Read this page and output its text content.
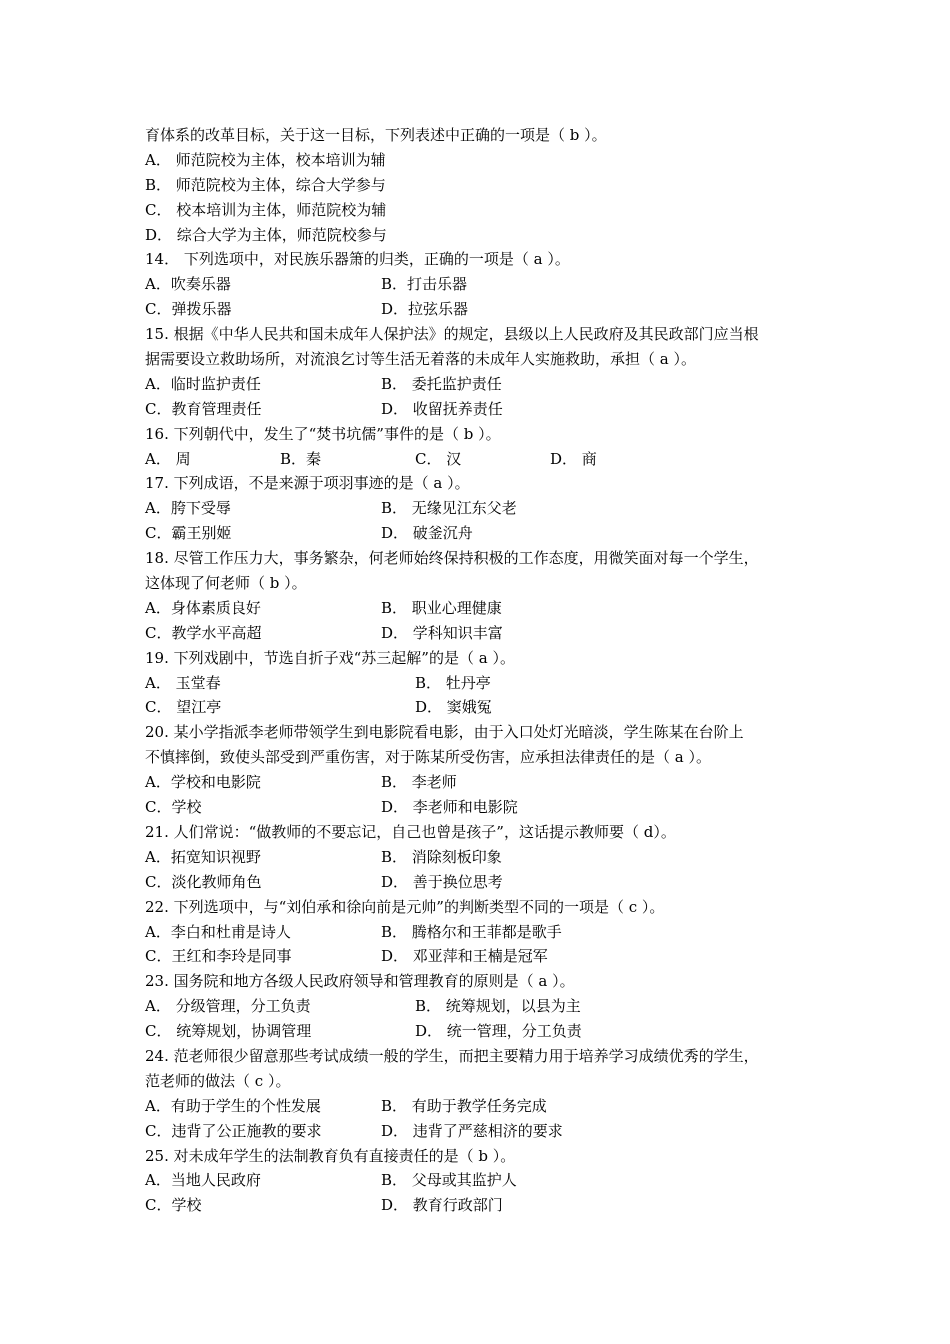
育体系的改革目标，关于这一目标，下列表述中正确的一项是（ b ）。
A． 师范院校为主体，校本培训为辅
B． 师范院校为主体，综合大学参与
C． 校本培训为主体，师范院校为辅
D． 综合大学为主体，师范院校参与
14． 下列选项中，对民族乐器箫的归类，正确的一项是（ a ）。
A．吹奏乐器	B．打击乐器
C．弹拨乐器	D．拉弦乐器
15. 根据《中华人民共和国未成年人保护法》的规定，县级以上人民政府及其民政部门应当根
据需要设立救助场所，对流浪乞讨等生活无着落的未成年人实施救助，承担（ a ）。
A．临时监护责任	B． 委托监护责任
C．教育管理责任	D． 收留抚养责任
16. 下列朝代中，发生了“焚书坑儒”事件的是（ b ）。
A． 周	B．秦	C． 汉	D． 商
17. 下列成语，不是来源于项羽事迹的是（ a ）。
A．胯下受辱	B． 无缘见江东父老
C．霸王别姬	D． 破釜沉舟
18. 尽管工作压力大，事务繁杂，何老师始终保持积极的工作态度，用微笑面对每一个学生，
这体现了何老师（ b ）。
A．身体素质良好	B． 职业心理健康
C．教学水平高超	D． 学科知识丰富
19. 下列戏剧中，节选自折子戏“苏三起解”的是（ a ）。
A． 玉堂春	B． 牡丹亭
C． 望江亭	D． 窦娥冤
20. 某小学指派李老师带领学生到电影院看电影，由于入口处灯光暗淡，学生陈某在台阶上
不慎摔倒，致使头部受到严重伤害，对于陈某所受伤害，应承担法律责任的是（ a ）。
A．学校和电影院	B． 李老师
C．学校	D． 李老师和电影院
21. 人们常说：“做教师的不要忘记，自己也曾是孩子”，这话提示教师要（ d）。
A．拓宽知识视野	B． 消除刻板印象
C．淡化教师角色	D． 善于换位思考
22. 下列选项中，与“刘伯承和徐向前是元帅”的判断类型不同的一项是（ c ）。
A．李白和杜甫是诗人	B． 腾格尔和王菲都是歌手
C．王红和李玲是同事	D． 邓亚萍和王楠是冠军
23. 国务院和地方各级人民政府领导和管理教育的原则是（ a ）。
A． 分级管理，分工负责	B． 统筹规划，以县为主
C． 统筹规划，协调管理	D． 统一管理，分工负责
24. 范老师很少留意那些考试成绩一般的学生，而把主要精力用于培养学习成绩优秀的学生，
范老师的做法（ c ）。
A．有助于学生的个性发展	B． 有助于教学任务完成
C．违背了公正施教的要求	D． 违背了严慈相济的要求
25. 对未成年学生的法制教育负有直接责任的是（ b ）。
A．当地人民政府	B． 父母或其监护人
C．学校	D． 教育行政部门
